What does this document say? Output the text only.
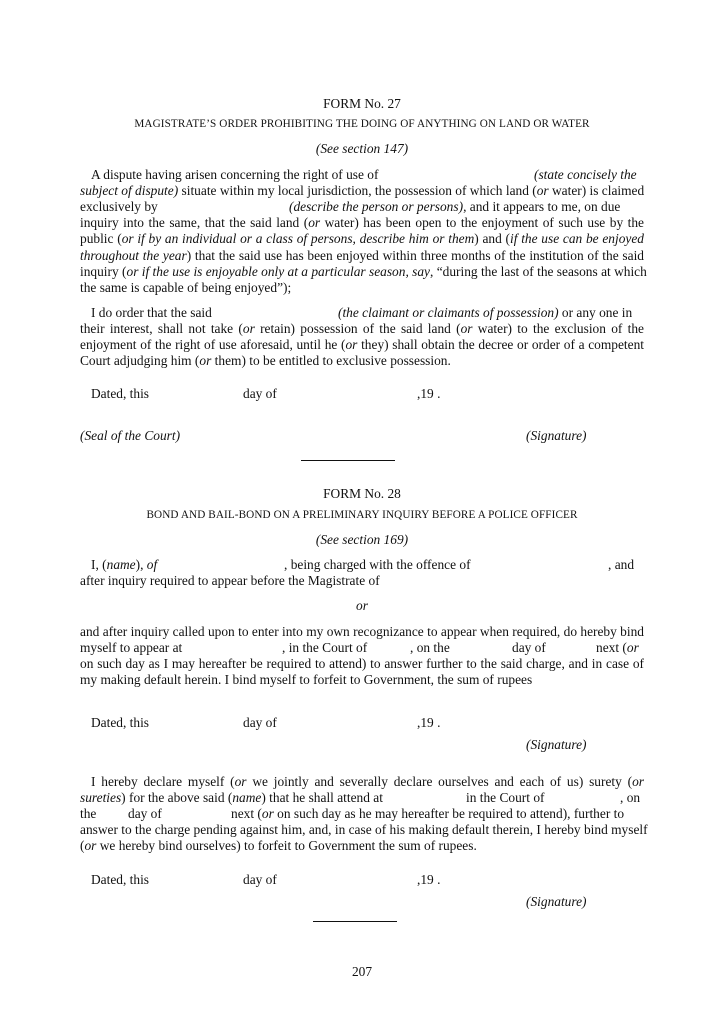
FORM No. 27
MAGISTRATE’S ORDER PROHIBITING THE DOING OF ANYTHING ON LAND OR WATER
(See section 147)
A dispute having arisen concerning the right of use of	(state concisely the
subject of dispute) situate within my local jurisdiction, the possession of which land (or water) is claimed
exclusively by	(describe the person or persons), and it appears to me, on due
inquiry into the same, that the said land (or water) has been open to the enjoyment of such use by the
public (or if by an individual or a class of persons, describe him or them) and (if the use can be enjoyed
throughout the year) that the said use has been enjoyed within three months of the institution of the said
inquiry (or if the use is enjoyable only at a particular season, say, “during the last of the seasons at which
the same is capable of being enjoyed”);
I do order that the said	(the claimant or claimants of possession) or any one in
their interest, shall not take (or retain) possession of the said land (or water) to the exclusion of the
enjoyment of the right of use aforesaid, until he (or they) shall obtain the decree or order of a competent
Court adjudging him (or them) to be entitled to exclusive possession.
Dated, this	day of	,19 .
(Seal of the Court)	(Signature)
FORM No. 28
BOND AND BAIL-BOND ON A PRELIMINARY INQUIRY BEFORE A POLICE OFFICER
(See section 169)
I, (name), of	, being charged with the offence of	, and
after inquiry required to appear before the Magistrate of
or
and after inquiry called upon to enter into my own recognizance to appear when required, do hereby bind
myself to appear at	, in the Court of	, on the	day of	next (or
on such day as I may hereafter be required to attend) to answer further to the said charge, and in case of
my making default herein. I bind myself to forfeit to Government, the sum of rupees
Dated, this	day of	,19 .
(Signature)
I hereby declare myself (or we jointly and severally declare ourselves and each of us) surety (or
sureties) for the above said (name) that he shall attend at	in the Court of	, on
the day of	next (or on such day as he may hereafter be required to attend), further to
answer to the charge pending against him, and, in case of his making default therein, I hereby bind myself
(or we hereby bind ourselves) to forfeit to Government the sum of rupees.
Dated, this	day of	,19 .
(Signature)
207
